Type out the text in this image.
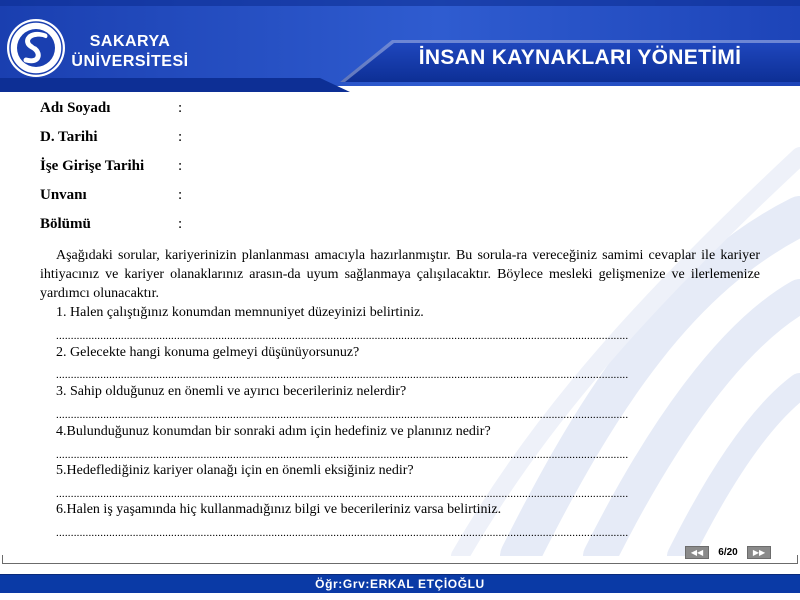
SAKARYA
ÜNİVERSİTESİ	İNSAN KAYNAKLARI YÖNETİMİ
Adı Soyadı	:
D. Tarihi	:
İşe Girişe Tarihi :
Unvanı	:
Bölümü	:
Aşağıdaki sorular, kariyerinizin planlanması amacıyla hazırlanmıştır. Bu sorula-ra vereceğiniz samimi cevaplar ile kariyer ihtiyacınız ve kariyer olanaklarınız arasın-da uyum sağlanmaya çalışılacaktır. Böylece mesleki gelişmenize ve ilerlemenize yardımcı olunacaktır.
1. Halen çalıştığınız konumdan memnuniyet düzeyinizi belirtiniz.
..................................................................................................................................................................................................
2. Gelecekte hangi konuma gelmeyi düşünüyorsunuz?
..................................................................................................................................................................................................
3. Sahip olduğunuz en önemli ve ayırıcı becerileriniz nelerdir?
..................................................................................................................................................................................................
4.Bulunduğunuz konumdan bir sonraki adım için hedefiniz ve planınız nedir?
..................................................................................................................................................................................................
5.Hedeflediğiniz kariyer olanağı için en önemli eksiğiniz nedir?
..................................................................................................................................................................................................
6.Halen iş yaşamında hiç kullanmadığınız bilgi ve becerileriniz varsa belirtiniz.
..................................................................................................................................................................................................
◀◀	6/20	▶▶
Öğr:Grv:ERKAL ETÇİOĞLU
